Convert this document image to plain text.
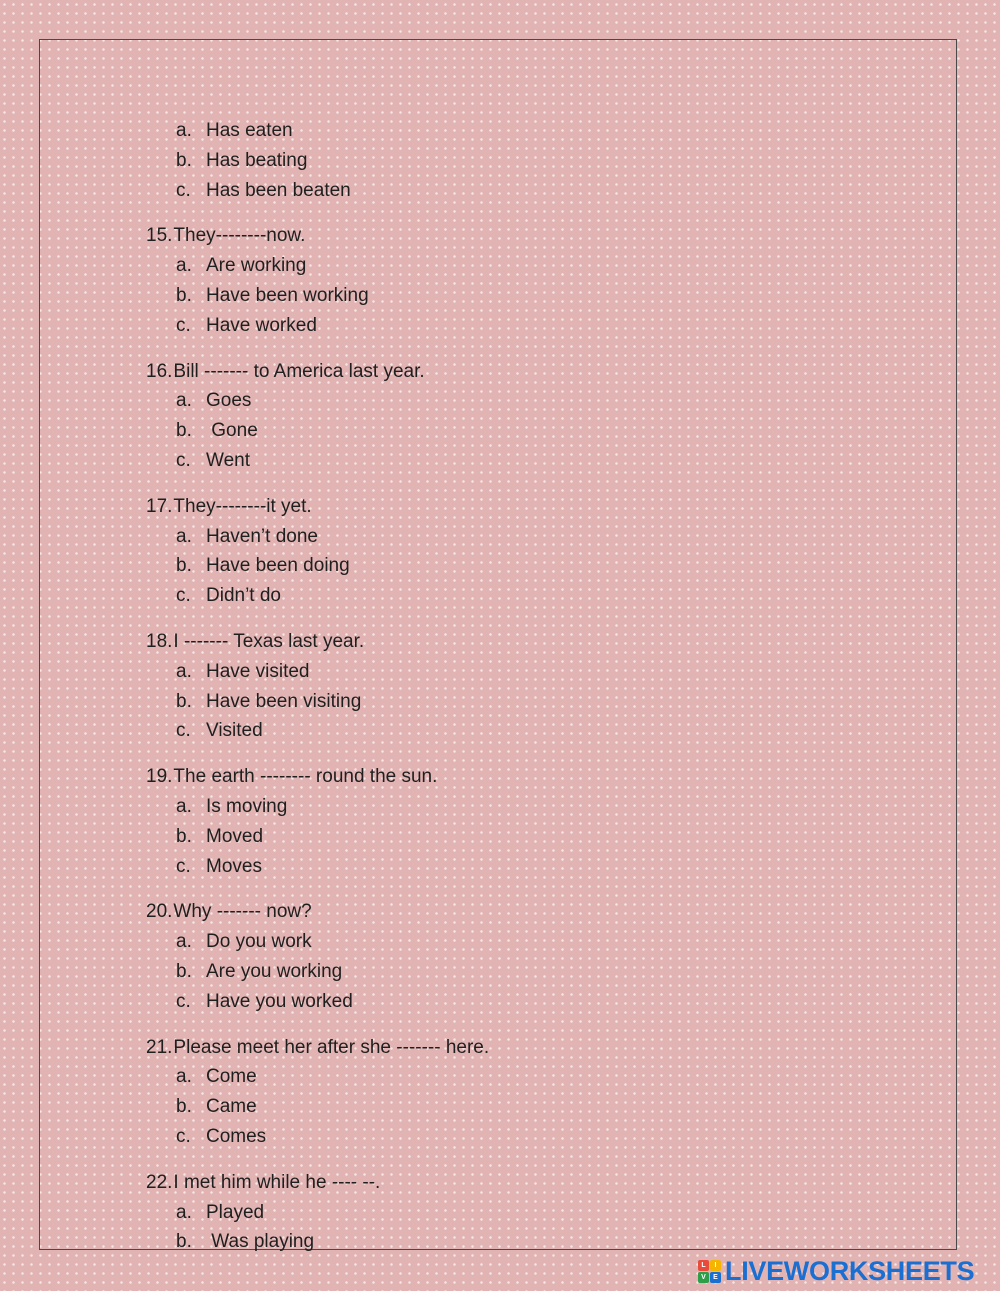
a. Has eaten
b. Has beating
c. Has been beaten
15. They--------now.
a. Are working
b. Have been working
c. Have worked
16. Bill ------- to America last year.
a. Goes
b. Gone
c. Went
17. They--------it yet.
a. Haven’t done
b. Have been doing
c. Didn’t do
18. I ------- Texas last year.
a. Have visited
b. Have been visiting
c. Visited
19. The earth -------- round the sun.
a. Is moving
b. Moved
c. Moves
20. Why ------- now?
a. Do you work
b. Are you working
c. Have you worked
21. Please meet her after she ------- here.
a. Come
b. Came
c. Comes
22. I met him while he ---- --.
a. Played
b. Was playing
L	I
V	E LIVEWORKSHEETS
